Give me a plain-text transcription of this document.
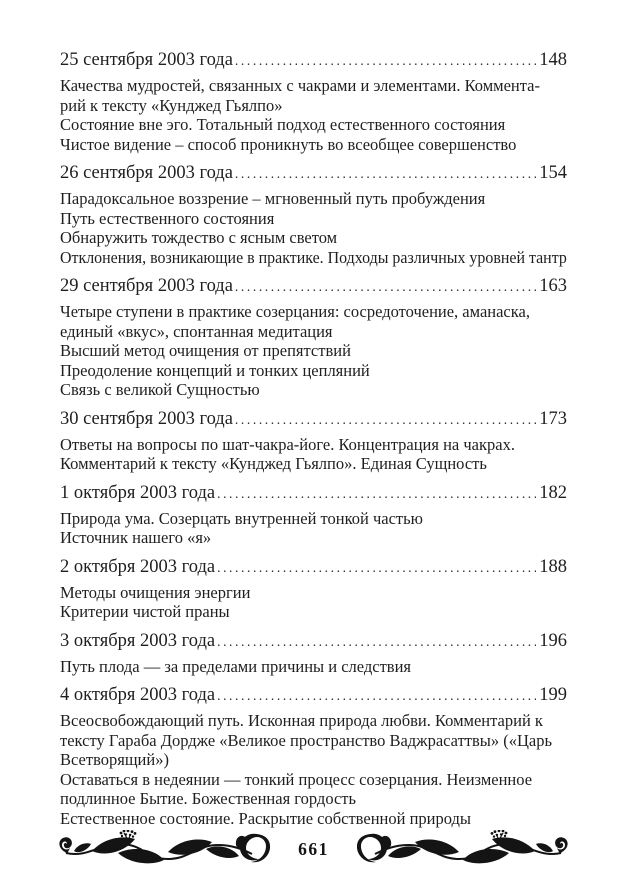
25 сентября 2003 года .....	148
Качества мудростей, связанных с чакрами и элементами. Коммента-
рий к тексту «Кунджед Гьялпо»
Состояние вне эго. Тотальный подход естественного состояния
Чистое видение – способ проникнуть во всеобщее совершенство
26 сентября 2003 года .....	154
Парадоксальное воззрение – мгновенный путь пробуждения
Путь естественного состояния
Обнаружить тождество с ясным светом
Отклонения, возникающие в практике. Подходы различных уровней тантр
29 сентября 2003 года .....	163
Четыре ступени в практике созерцания: сосредоточение, аманаска,
единый «вкус», спонтанная медитация
Высший метод очищения от препятствий
Преодоление концепций и тонких цепляний
Связь с великой Сущностью
30 сентября 2003 года .....	173
Ответы на вопросы по шат-чакра-йоге. Концентрация на чакрах.
Комментарий к тексту «Кунджед Гьялпо». Единая Сущность
1 октября 2003 года .....	182
Природа ума. Созерцать внутренней тонкой частью
Источник нашего «я»
2 октября 2003 года .....	188
Методы очищения энергии
Критерии чистой праны
3 октября 2003 года .....	196
Путь плода — за пределами причины и следствия
4 октября 2003 года .....	199
Всеосвобождающий путь. Исконная природа любви. Комментарий к
тексту Гараба Дордже «Великое пространство Ваджрасаттвы» («Царь
Всетворящий»)
Оставаться в недеянии — тонкий процесс созерцания. Неизменное
подлинное Бытие. Божественная гордость
Естественное состояние. Раскрытие собственной природы
661
